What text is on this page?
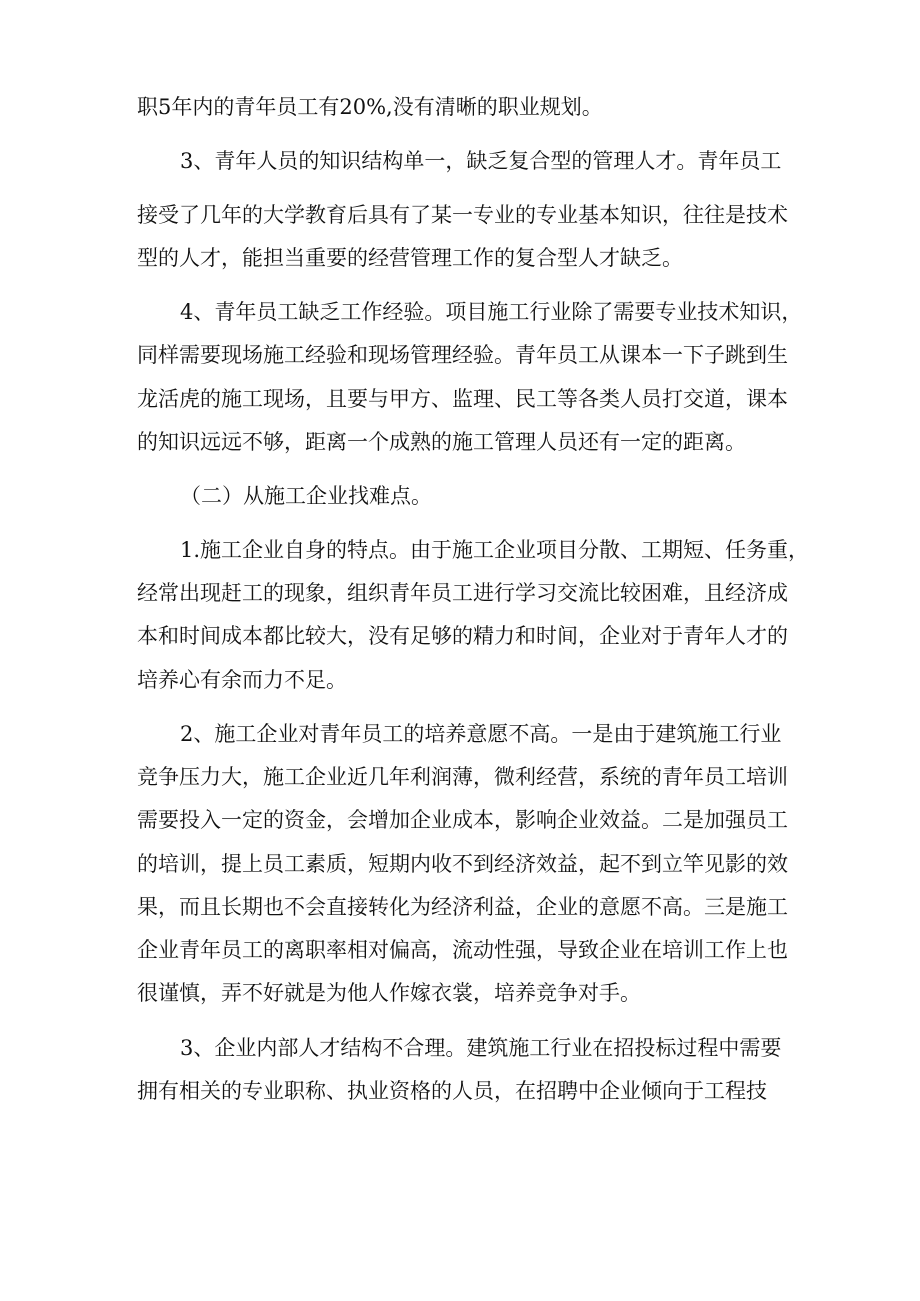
职5年内的青年员工有20%,没有清晰的职业规划。
3、青年人员的知识结构单一，缺乏复合型的管理人才。青年员工
接受了几年的大学教育后具有了某一专业的专业基本知识，往往是技术
型的人才，能担当重要的经营管理工作的复合型人才缺乏。
4、青年员工缺乏工作经验。项目施工行业除了需要专业技术知识，
同样需要现场施工经验和现场管理经验。青年员工从课本一下子跳到生
龙活虎的施工现场，且要与甲方、监理、民工等各类人员打交道，课本
的知识远远不够，距离一个成熟的施工管理人员还有一定的距离。
（二）从施工企业找难点。
1.施工企业自身的特点。由于施工企业项目分散、工期短、任务重，
经常出现赶工的现象，组织青年员工进行学习交流比较困难，且经济成
本和时间成本都比较大，没有足够的精力和时间，企业对于青年人才的
培养心有余而力不足。
2、施工企业对青年员工的培养意愿不高。一是由于建筑施工行业
竞争压力大，施工企业近几年利润薄，微利经营，系统的青年员工培训
需要投入一定的资金，会增加企业成本，影响企业效益。二是加强员工
的培训，提上员工素质，短期内收不到经济效益，起不到立竿见影的效
果，而且长期也不会直接转化为经济利益，企业的意愿不高。三是施工
企业青年员工的离职率相对偏高，流动性强，导致企业在培训工作上也
很谨慎，弄不好就是为他人作嫁衣裳，培养竞争对手。
3、企业内部人才结构不合理。建筑施工行业在招投标过程中需要
拥有相关的专业职称、执业资格的人员，在招聘中企业倾向于工程技
